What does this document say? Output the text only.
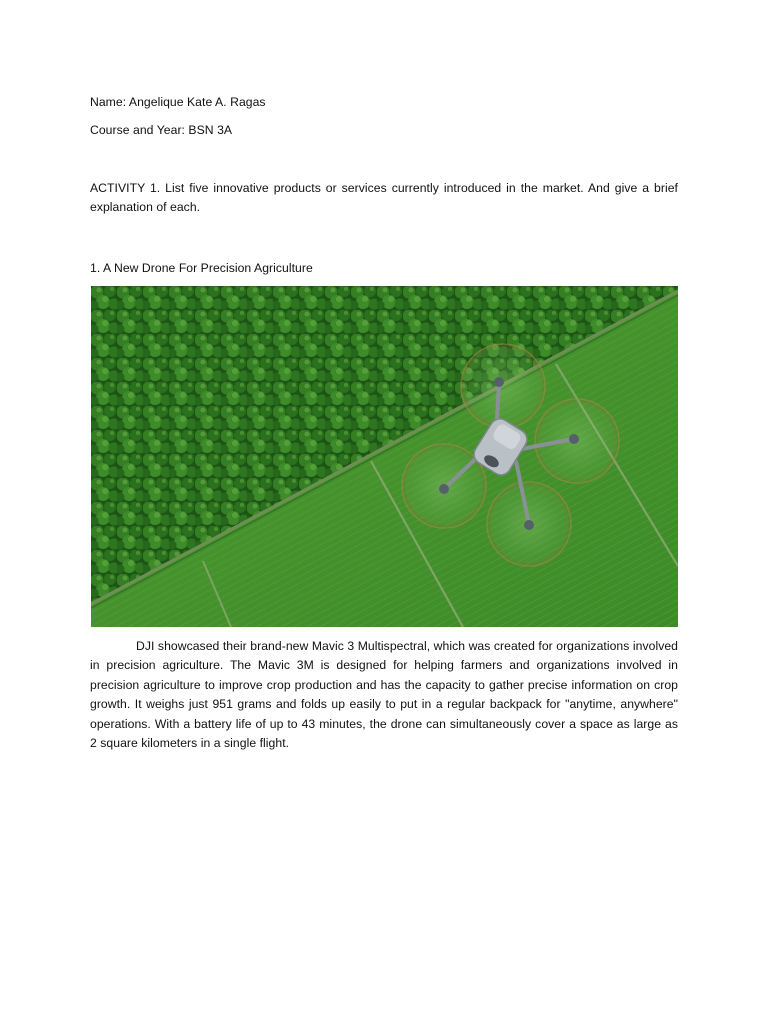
Name: Angelique Kate A. Ragas
Course and Year: BSN 3A
ACTIVITY 1. List five innovative products or services currently introduced in the market. And give a brief explanation of each.
1. A New Drone For Precision Agriculture
DJI showcased their brand-new Mavic 3 Multispectral, which was created for organizations involved in precision agriculture. The Mavic 3M is designed for helping farmers and organizations involved in precision agriculture to improve crop production and has the capacity to gather precise information on crop growth. It weighs just 951 grams and folds up easily to put in a regular backpack for "anytime, anywhere" operations. With a battery life of up to 43 minutes, the drone can simultaneously cover a space as large as 2 square kilometers in a single flight.
